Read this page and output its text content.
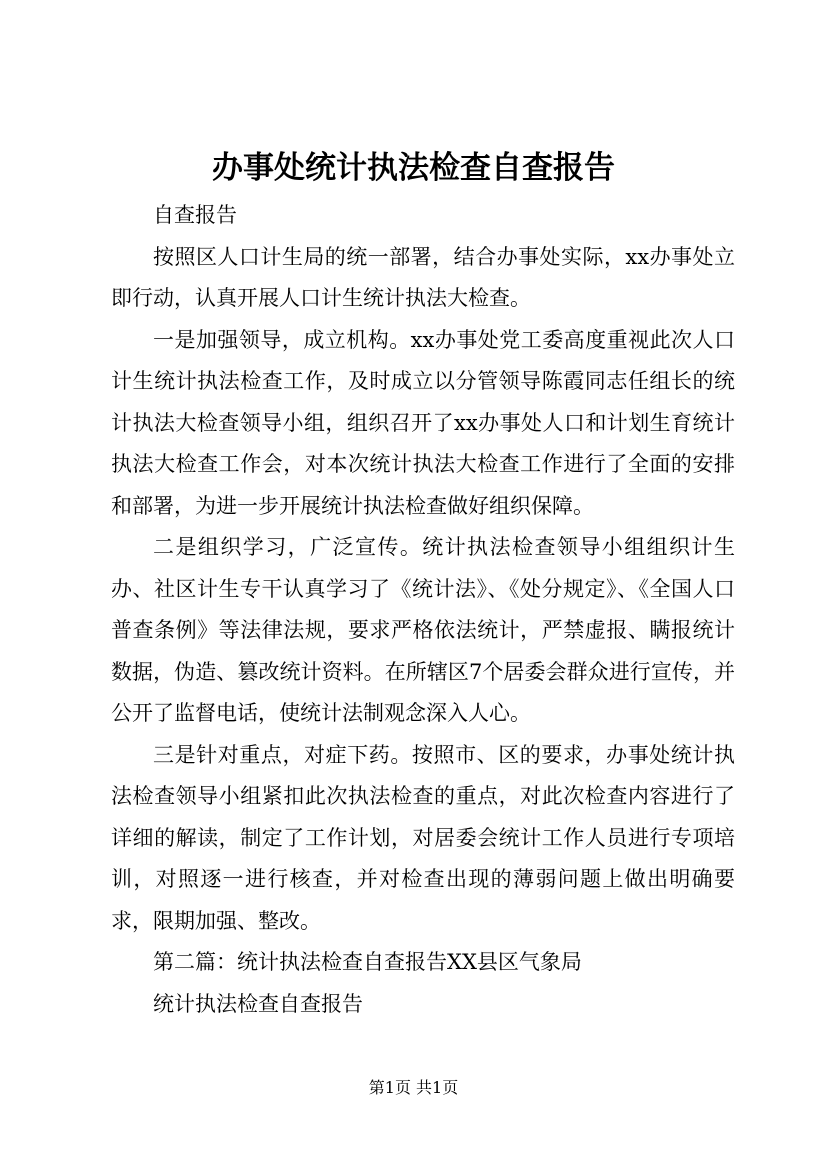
办事处统计执法检查自查报告

自查报告

按照区人口计生局的统一部署，结合办事处实际，xx办事处立即行动，认真开展人口计生统计执法大检查。

一是加强领导，成立机构。xx办事处党工委高度重视此次人口计生统计执法检查工作，及时成立以分管领导陈霞同志任组长的统计执法大检查领导小组，组织召开了xx办事处人口和计划生育统计执法大检查工作会，对本次统计执法大检查工作进行了全面的安排和部署，为进一步开展统计执法检查做好组织保障。

二是组织学习，广泛宣传。统计执法检查领导小组组织计生办、社区计生专干认真学习了《统计法》、《处分规定》、《全国人口普查条例》等法律法规，要求严格依法统计，严禁虚报、瞒报统计数据，伪造、篡改统计资料。在所辖区7个居委会群众进行宣传，并公开了监督电话，使统计法制观念深入人心。

三是针对重点，对症下药。按照市、区的要求，办事处统计执法检查领导小组紧扣此次执法检查的重点，对此次检查内容进行了详细的解读，制定了工作计划，对居委会统计工作人员进行专项培训，对照逐一进行核查，并对检查出现的薄弱问题上做出明确要求，限期加强、整改。

第二篇：统计执法检查自查报告XX县区气象局

统计执法检查自查报告

第1页 共1页
